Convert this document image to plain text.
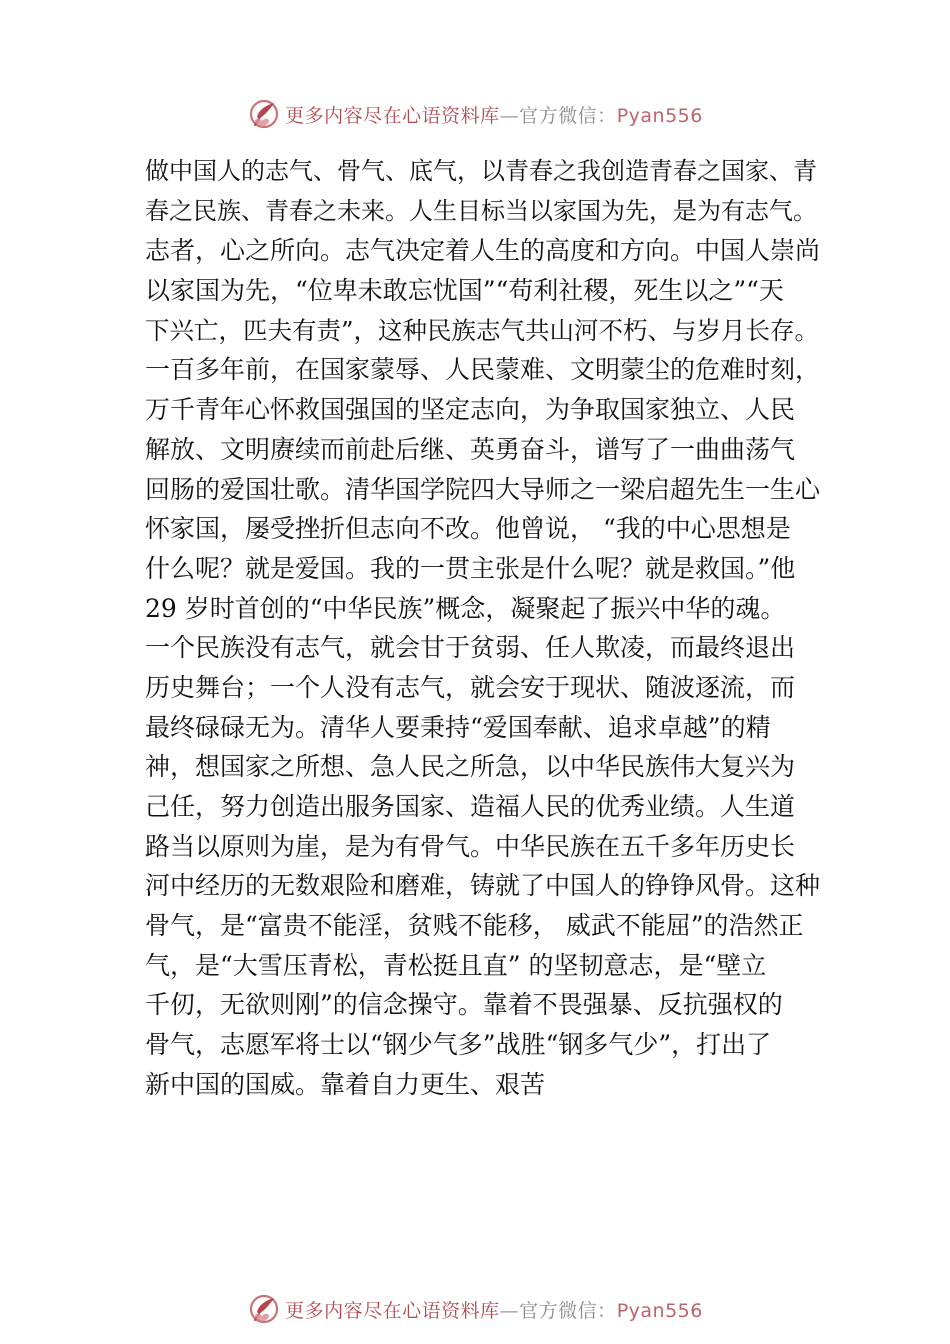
更多内容尽在心语资料库—官方微信：Pyan556
做中国人的志气、骨气、底气，以青春之我创造青春之国家、青
春之民族、青春之未来。人生目标当以家国为先，是为有志气。
志者，心之所向。志气决定着人生的高度和方向。中国人崇尚
以家国为先，“位卑未敢忘忧国”“苟利社稷，死生以之”“天
下兴亡，匹夫有责”，这种民族志气共山河不朽、与岁月长存。
一百多年前，在国家蒙辱、人民蒙难、文明蒙尘的危难时刻，
万千青年心怀救国强国的坚定志向，为争取国家独立、人民
解放、文明赓续而前赴后继、英勇奋斗，谱写了一曲曲荡气
回肠的爱国壮歌。清华国学院四大导师之一梁启超先生一生心
怀家国，屡受挫折但志向不改。他曾说， “我的中心思想是
什么呢？就是爱国。我的一贯主张是什么呢？就是救国。”他
29 岁时首创的“中华民族”概念，凝聚起了振兴中华的魂。
一个民族没有志气，就会甘于贫弱、任人欺凌，而最终退出
历史舞台；一个人没有志气，就会安于现状、随波逐流，而
最终碌碌无为。清华人要秉持“爱国奉献、追求卓越”的精
神，想国家之所想、急人民之所急，以中华民族伟大复兴为
己任，努力创造出服务国家、造福人民的优秀业绩。人生道
路当以原则为崖，是为有骨气。中华民族在五千多年历史长
河中经历的无数艰险和磨难，铸就了中国人的铮铮风骨。这种
骨气，是“富贵不能淫，贫贱不能移， 威武不能屈”的浩然正
气，是“大雪压青松，青松挺且直” 的坚韧意志，是“壁立
千仞，无欲则刚”的信念操守。靠着不畏强暴、反抗强权的
骨气，志愿军将士以“钢少气多”战胜“钢多气少”，打出了
新中国的国威。靠着自力更生、艰苦
更多内容尽在心语资料库—官方微信：Pyan556
